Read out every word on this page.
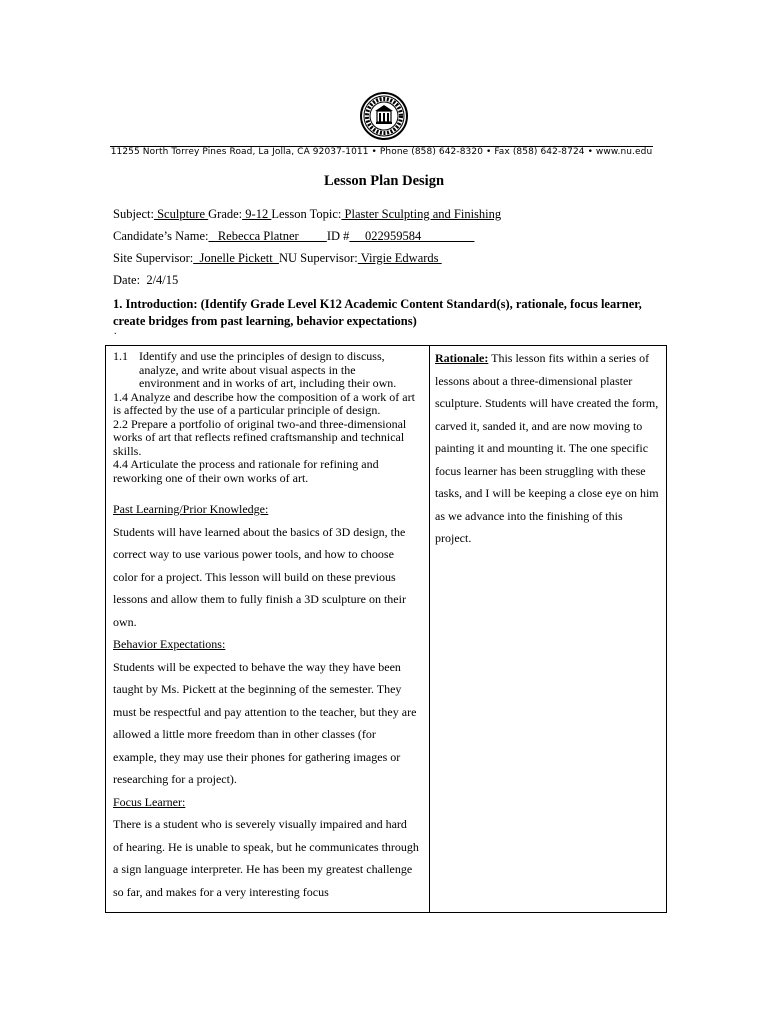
11255 North Torrey Pines Road, La Jolla, CA 92037-1011 • Phone (858) 642-8320 • Fax (858) 642-8724 • www.nu.edu
Lesson Plan Design
Subject: Sculpture Grade: 9-12 Lesson Topic: Plaster Sculpting and Finishing
Candidate’s Name:   Rebecca Platner         ID #     022959584
Site Supervisor:  Jonelle Pickett  NU Supervisor: Virgie Edwards
Date: 2/4/15
1. Introduction: (Identify Grade Level K12 Academic Content Standard(s), rationale, focus learner, create bridges from past learning, behavior expectations)
.
1.1 Identify and use the principles of design to discuss, analyze, and write about visual aspects in the environment and in works of art, including their own.
1.4 Analyze and describe how the composition of a work of art is affected by the use of a particular principle of design.
2.2 Prepare a portfolio of original two-and three-dimensional works of art that reflects refined craftsmanship and technical skills.
4.4 Articulate the process and rationale for refining and reworking one of their own works of art.
Past Learning/Prior Knowledge:
Students will have learned about the basics of 3D design, the correct way to use various power tools, and how to choose color for a project. This lesson will build on these previous lessons and allow them to fully finish a 3D sculpture on their own.
Behavior Expectations:
Students will be expected to behave the way they have been taught by Ms. Pickett at the beginning of the semester. They must be respectful and pay attention to the teacher, but they are allowed a little more freedom than in other classes (for example, they may use their phones for gathering images or researching for a project).
Focus Learner:
There is a student who is severely visually impaired and hard of hearing. He is unable to speak, but he communicates through a sign language interpreter. He has been my greatest challenge so far, and makes for a very interesting focus
Rationale: This lesson fits within a series of lessons about a three-dimensional plaster sculpture. Students will have created the form, carved it, sanded it, and are now moving to painting it and mounting it. The one specific focus learner has been struggling with these tasks, and I will be keeping a close eye on him as we advance into the finishing of this project.
